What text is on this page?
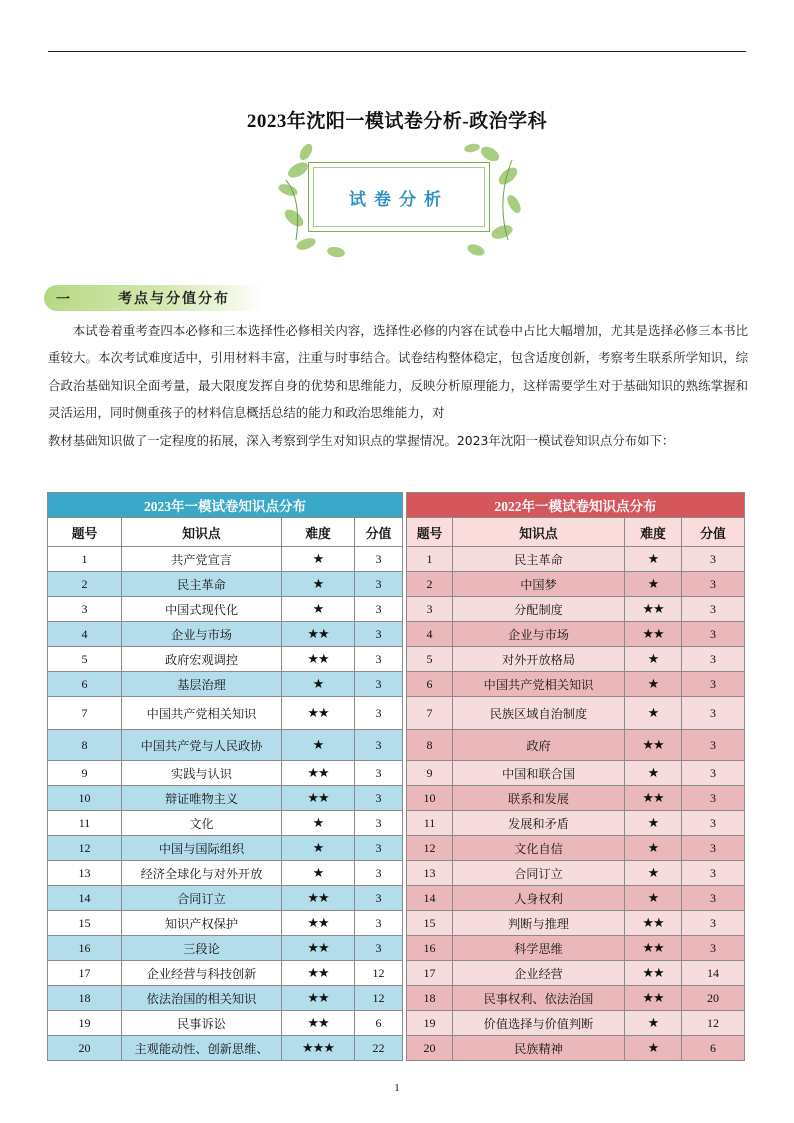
2023年沈阳一模试卷分析-政治学科
试卷分析
一	考点与分值分布

本试卷着重考查四本必修和三本选择性必修相关内容，选择性必修的内容在试卷中占比大幅增加，尤其是选择必修三本书比重较大。本次考试难度适中，引用材料丰富，注重与时事结合。试卷结构整体稳定，包含适度创新，考察考生联系所学知识，综合政治基础知识全面考量，最大限度发挥自身的优势和思维能力，反映分析原理能力，这样需要学生对于基础知识的熟练掌握和灵活运用，同时侧重孩子的材料信息概括总结的能力和政治思维能力，对

教材基础知识做了一定程度的拓展，深入考察到学生对知识点的掌握情况。2023年沈阳一模试卷知识点分布如下：
2023年一模试卷知识点分布					2022年一模试卷知识点分布			
题号	知识点	难度	分值		题号	知识点	难度	分值
1	共产党宣言	★	3		1	民主革命	★	3
2	民主革命	★	3		2	中国梦	★	3
3	中国式现代化	★	3		3	分配制度	★★	3
4	企业与市场	★★	3		4	企业与市场	★★	3
5	政府宏观调控	★★	3		5	对外开放格局	★	3
6	基层治理	★	3		6	中国共产党相关知识	★	3
7	中国共产党相关知识	★★	3		7	民族区域自治制度	★	3
8	中国共产党与人民政协	★	3		8	政府	★★	3
9	实践与认识	★★	3		9	中国和联合国	★	3
10	辩证唯物主义	★★	3		10	联系和发展	★★	3
11	文化	★	3		11	发展和矛盾	★	3
12	中国与国际组织	★	3		12	文化自信	★	3
13	经济全球化与对外开放	★	3		13	合同订立	★	3
14	合同订立	★★	3		14	人身权利	★	3
15	知识产权保护	★★	3		15	判断与推理	★★	3
16	三段论	★★	3		16	科学思维	★★	3
17	企业经营与科技创新	★★	12		17	企业经营	★★	14
18	依法治国的相关知识	★★	12		18	民事权利、依法治国	★★	20
19	民事诉讼	★★	6		19	价值选择与价值判断	★	12
20	主观能动性、创新思维、	★★★	22		20	民族精神	★	6
1
